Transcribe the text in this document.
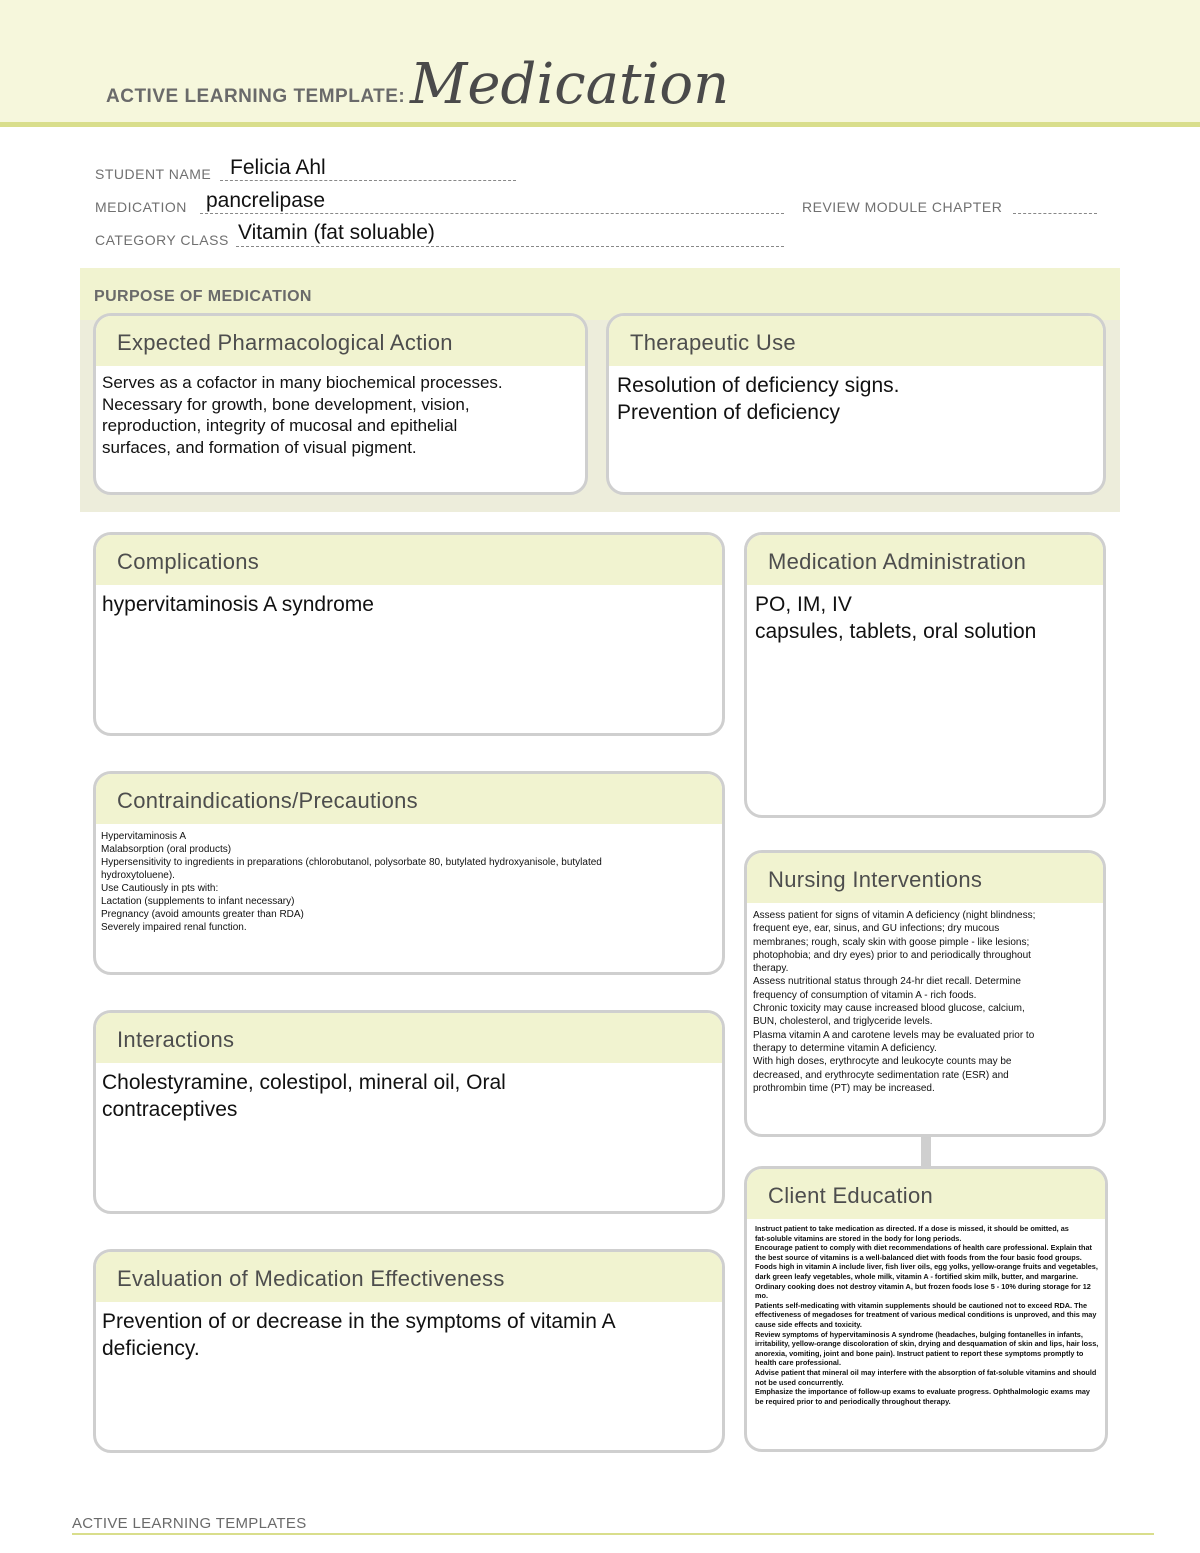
ACTIVE LEARNING TEMPLATE: Medication
STUDENT NAME Felicia Ahl
MEDICATION pancrelipase	REVIEW MODULE CHAPTER
CATEGORY CLASS Vitamin (fat soluable)
PURPOSE OF MEDICATION
Expected Pharmacological Action
Serves as a cofactor in many biochemical processes.
Necessary for growth, bone development, vision,
reproduction, integrity of mucosal and epithelial
surfaces, and formation of visual pigment.
Therapeutic Use
Resolution of deficiency signs.
Prevention of deficiency
Complications
hypervitaminosis A syndrome
Medication Administration
PO, IM, IV
capsules, tablets, oral solution
Contraindications/Precautions
Hypervitaminosis A
Malabsorption (oral products)
Hypersensitivity to ingredients in preparations (chlorobutanol, polysorbate 80, butylated hydroxyanisole, butylated
hydroxytoluene).
Use Cautiously in pts with:
Lactation (supplements to infant necessary)
Pregnancy (avoid amounts greater than RDA)
Severely impaired renal function.
Nursing Interventions
Assess patient for signs of vitamin A deficiency (night blindness;
frequent eye, ear, sinus, and GU infections; dry mucous
membranes; rough, scaly skin with goose pimple - like lesions;
photophobia; and dry eyes) prior to and periodically throughout
therapy.
Assess nutritional status through 24-hr diet recall. Determine
frequency of consumption of vitamin A - rich foods.
Chronic toxicity may cause increased blood glucose, calcium,
BUN, cholesterol, and triglyceride levels.
Plasma vitamin A and carotene levels may be evaluated prior to
therapy to determine vitamin A deficiency.
With high doses, erythrocyte and leukocyte counts may be
decreased, and erythrocyte sedimentation rate (ESR) and
prothrombin time (PT) may be increased.
Interactions
Cholestyramine, colestipol, mineral oil, Oral
contraceptives
Client Education
Instruct patient to take medication as directed. If a dose is missed, it should be omitted, as
fat-soluble vitamins are stored in the body for long periods.
Encourage patient to comply with diet recommendations of health care professional. Explain that
the best source of vitamins is a well-balanced diet with foods from the four basic food groups.
Foods high in vitamin A include liver, fish liver oils, egg yolks, yellow-orange fruits and vegetables,
dark green leafy vegetables, whole milk, vitamin A - fortified skim milk, butter, and margarine.
Ordinary cooking does not destroy vitamin A, but frozen foods lose 5 - 10% during storage for 12
mo.
Patients self-medicating with vitamin supplements should be cautioned not to exceed RDA. The
effectiveness of megadoses for treatment of various medical conditions is unproved, and this may
cause side effects and toxicity.
Review symptoms of hypervitaminosis A syndrome (headaches, bulging fontanelles in infants,
irritability, yellow-orange discoloration of skin, drying and desquamation of skin and lips, hair loss,
anorexia, vomiting, joint and bone pain). Instruct patient to report these symptoms promptly to
health care professional.
Advise patient that mineral oil may interfere with the absorption of fat-soluble vitamins and should
not be used concurrently.
Emphasize the importance of follow-up exams to evaluate progress. Ophthalmologic exams may
be required prior to and periodically throughout therapy.
Evaluation of Medication Effectiveness
Prevention of or decrease in the symptoms of vitamin A
deficiency.
ACTIVE LEARNING TEMPLATES
